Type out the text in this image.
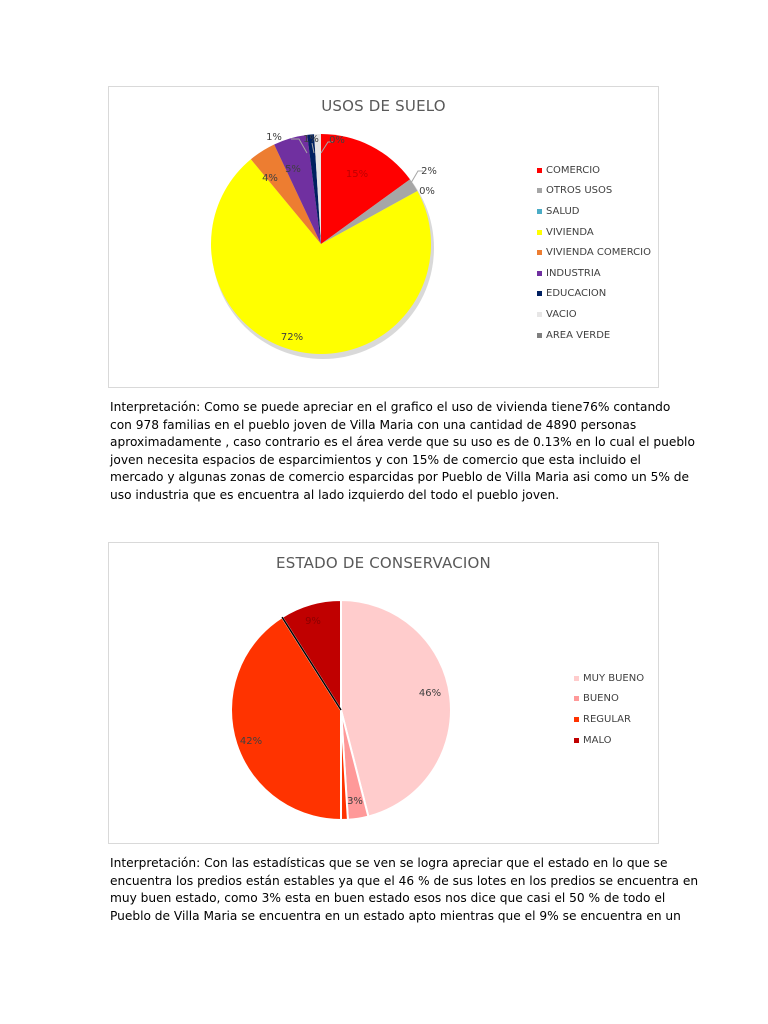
USOS DE SUELO
15%	2%
0%
72%
4%
5%
1% 1% 0%
COMERCIO
OTROS USOS
SALUD
VIVIENDA
VIVIENDA COMERCIO
INDUSTRIA
EDUCACION
VACIO
AREA VERDE
Interpretación: Como se puede apreciar en el grafico el uso de vivienda tiene76% contando
con 978 familias en el pueblo joven de Villa Maria con una cantidad de 4890 personas
aproximadamente , caso contrario es el área verde que su uso es de 0.13% en lo cual el pueblo
joven necesita espacios de esparcimientos y con 15% de comercio que esta incluido el
mercado y algunas zonas de comercio esparcidas por Pueblo de Villa Maria asi como un 5% de
uso industria que es encuentra al lado izquierdo del todo el pueblo joven.
ESTADO DE CONSERVACION
46%
3%
42%
9%
MUY BUENO
BUENO
REGULAR
MALO
Interpretación: Con las estadísticas que se ven se logra apreciar que el estado en lo que se
encuentra los predios están estables ya que el 46 % de sus lotes en los predios se encuentra en
muy buen estado, como 3% esta en buen estado esos nos dice que casi el 50 % de todo el
Pueblo de Villa Maria se encuentra en un estado apto mientras que el 9% se encuentra en un
